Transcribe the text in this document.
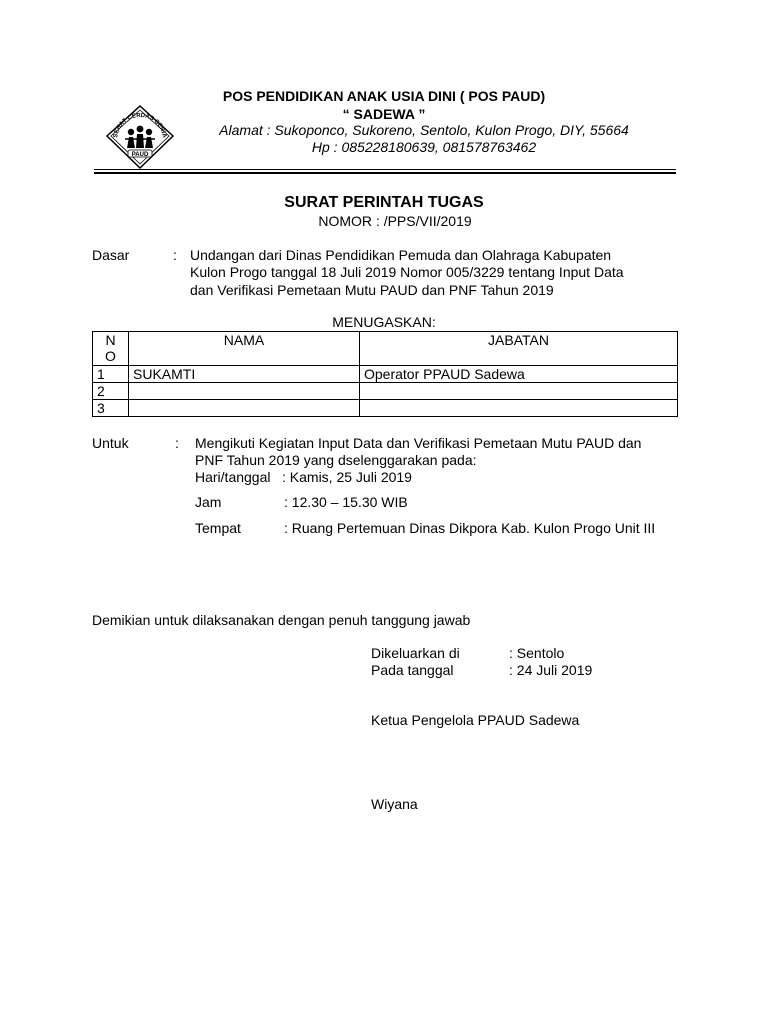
SEHAT CERDAS CERIA
PAUD
POS PENDIDIKAN ANAK USIA DINI ( POS PAUD)
“ SADEWA ”
Alamat : Sukoponco, Sukoreno, Sentolo, Kulon Progo, DIY, 55664
Hp : 085228180639, 081578763462
SURAT PERINTAH TUGAS
NOMOR : /PPS/VII/2019
Dasar	: Undangan dari Dinas Pendidikan Pemuda dan Olahraga Kabupaten
Kulon Progo tanggal 18 Juli 2019 Nomor 005/3229 tentang Input Data
dan Verifikasi Pemetaan Mutu PAUD dan PNF Tahun 2019
MENUGASKAN:
N
O	NAMA	JABATAN
1	SUKAMTI	Operator PPAUD Sadewa
2		
3		
Untuk	: Mengikuti Kegiatan Input Data dan Verifikasi Pemetaan Mutu PAUD dan
PNF Tahun 2019 yang dselenggarakan pada:
Hari/tanggal : Kamis, 25 Juli 2019
Jam	: 12.30 – 15.30 WIB
Tempat	: Ruang Pertemuan Dinas Dikpora Kab. Kulon Progo Unit III
Demikian untuk dilaksanakan dengan penuh tanggung jawab
Dikeluarkan di	: Sentolo
Pada tanggal	: 24 Juli 2019
Ketua Pengelola PPAUD Sadewa
Wiyana
